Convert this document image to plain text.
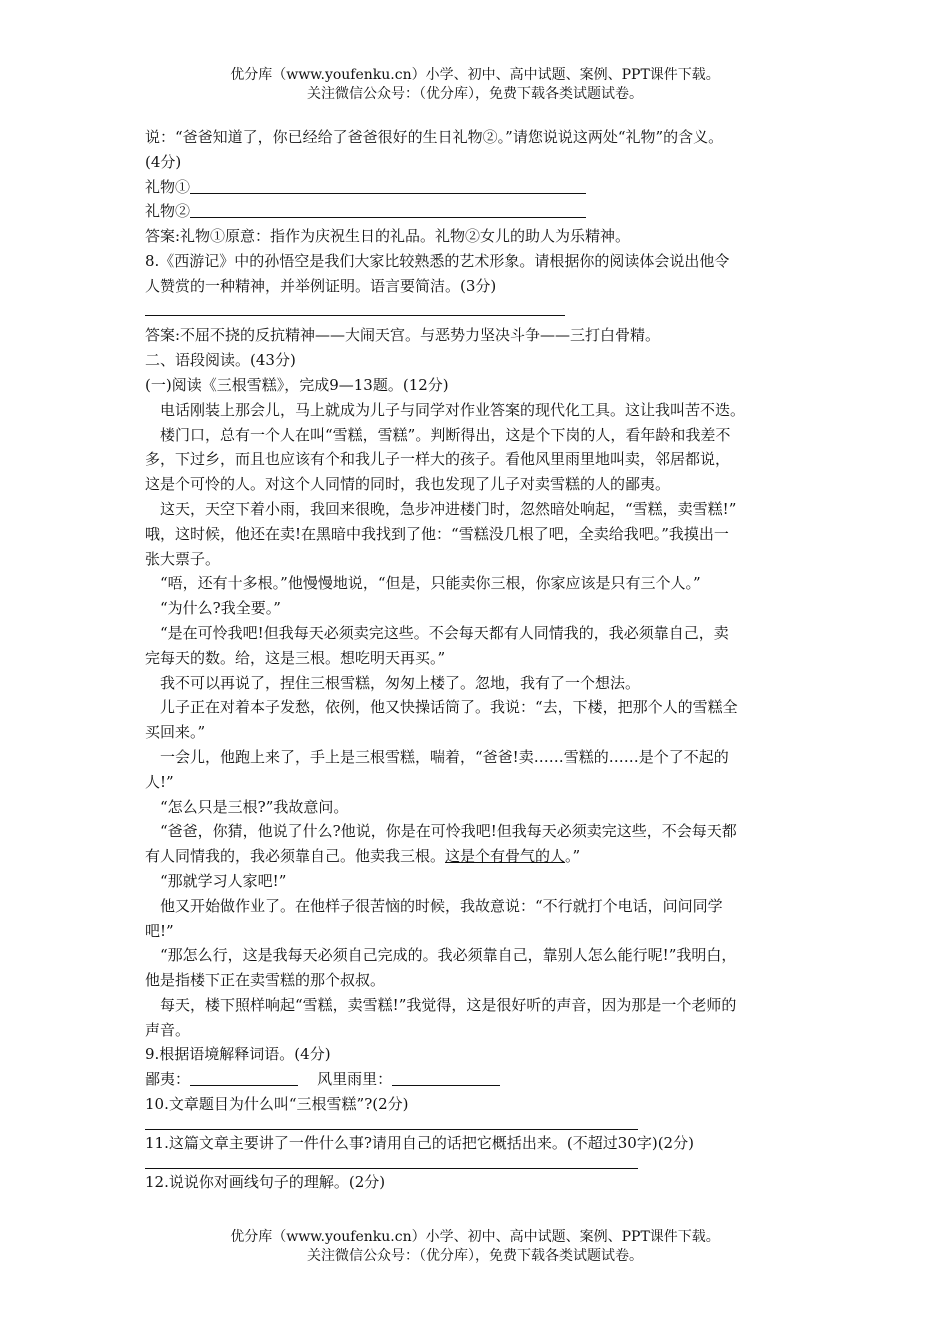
优分库（www.youfenku.cn）小学、初中、高中试题、案例、PPT课件下载。
关注微信公众号：（优分库），免费下载各类试题试卷。

说：“爸爸知道了，你已经给了爸爸很好的生日礼物②。”请您说说这两处“礼物”的含义。

(4分)

礼物①

礼物②

答案:礼物①原意：指作为庆祝生日的礼品。礼物②女儿的助人为乐精神。

8.《西游记》中的孙悟空是我们大家比较熟悉的艺术形象。请根据你的阅读体会说出他令

人赞赏的一种精神，并举例证明。语言要简洁。(3分)

答案:不屈不挠的反抗精神——大闹天宫。与恶势力坚决斗争——三打白骨精。

二、语段阅读。(43分)

(一)阅读《三根雪糕》，完成9—13题。(12分)

电话刚装上那会儿，马上就成为儿子与同学对作业答案的现代化工具。这让我叫苦不迭。

楼门口，总有一个人在叫“雪糕，雪糕”。判断得出，这是个下岗的人，看年龄和我差不

多，下过乡，而且也应该有个和我儿子一样大的孩子。看他风里雨里地叫卖，邻居都说，

这是个可怜的人。对这个人同情的同时，我也发现了儿子对卖雪糕的人的鄙夷。

这天，天空下着小雨，我回来很晚，急步冲进楼门时，忽然暗处响起，“雪糕，卖雪糕!”

哦，这时候，他还在卖!在黑暗中我找到了他：“雪糕没几根了吧，全卖给我吧。”我摸出一

张大票子。

“唔，还有十多根。”他慢慢地说，“但是，只能卖你三根，你家应该是只有三个人。”

“为什么?我全要。”

“是在可怜我吧!但我每天必须卖完这些。不会每天都有人同情我的，我必须靠自己，卖

完每天的数。给，这是三根。想吃明天再买。”

我不可以再说了，捏住三根雪糕，匆匆上楼了。忽地，我有了一个想法。

儿子正在对着本子发愁，依例，他又快操话筒了。我说：“去，下楼，把那个人的雪糕全

买回来。”

一会儿，他跑上来了，手上是三根雪糕，喘着，“爸爸!卖……雪糕的……是个了不起的

人!”

“怎么只是三根?”我故意问。

“爸爸，你猜，他说了什么?他说，你是在可怜我吧!但我每天必须卖完这些，不会每天都

有人同情我的，我必须靠自己。他卖我三根。这是个有骨气的人。”

“那就学习人家吧!”

他又开始做作业了。在他样子很苦恼的时候，我故意说：“不行就打个电话，问问同学

吧!”

“那怎么行，这是我每天必须自己完成的。我必须靠自己，靠别人怎么能行呢!”我明白，

他是指楼下正在卖雪糕的那个叔叔。

每天，楼下照样响起“雪糕，卖雪糕!”我觉得，这是很好听的声音，因为那是一个老师的

声音。

9.根据语境解释词语。(4分)

鄙夷：	风里雨里：

10.文章题目为什么叫“三根雪糕”?(2分)

11.这篇文章主要讲了一件什么事?请用自己的话把它概括出来。(不超过30字)(2分)

12.说说你对画线句子的理解。(2分)

优分库（www.youfenku.cn）小学、初中、高中试题、案例、PPT课件下载。
关注微信公众号：（优分库），免费下载各类试题试卷。
